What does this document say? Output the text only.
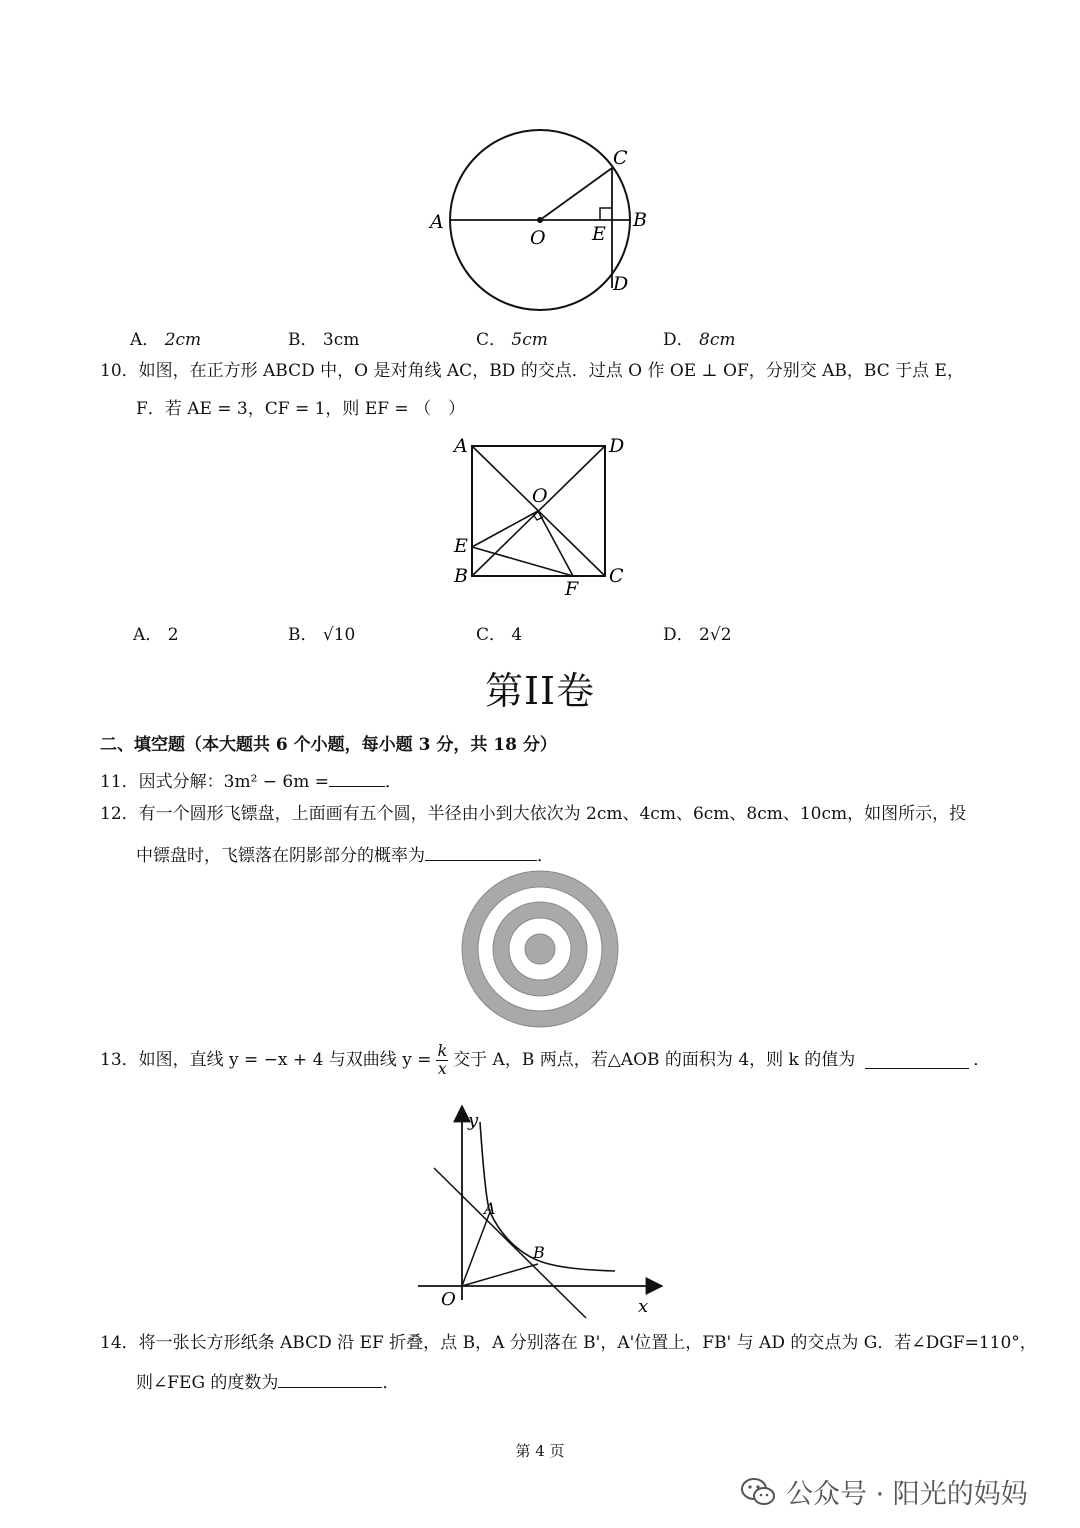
C
A	B
O E
D
A． 2cm	B． 3cm	C． 5cm	D． 8cm
10．如图，在正方形 ABCD 中，O 是对角线 AC，BD 的交点．过点 O 作 OE ⊥ OF，分别交 AB，BC 于点 E，
F．若 AE = 3，CF = 1，则 EF = （　）
A	D
O
E
B	C
F
A． 2	B． √10	C． 4	D． 2√2
第II卷
二、填空题（本大题共 6 个小题，每小题 3 分，共 18 分）
11．因式分解：3m² − 6m =	．
12．有一个圆形飞镖盘，上面画有五个圆，半径由小到大依次为 2cm、4cm、6cm、8cm、10cm，如图所示，投
中镖盘时，飞镖落在阴影部分的概率为	．
13．如图，直线 y = −x + 4 与双曲线 y = k
x 交于 A，B 两点，若△AOB 的面积为 4，则 k 的值为	．
y
A
B
O	x
14．将一张长方形纸条 ABCD 沿 EF 折叠，点 B，A 分别落在 B'，A'位置上，FB' 与 AD 的交点为 G．若∠DGF=110°，
则∠FEG 的度数为	．
第 4 页
公众号 · 阳光的妈妈
